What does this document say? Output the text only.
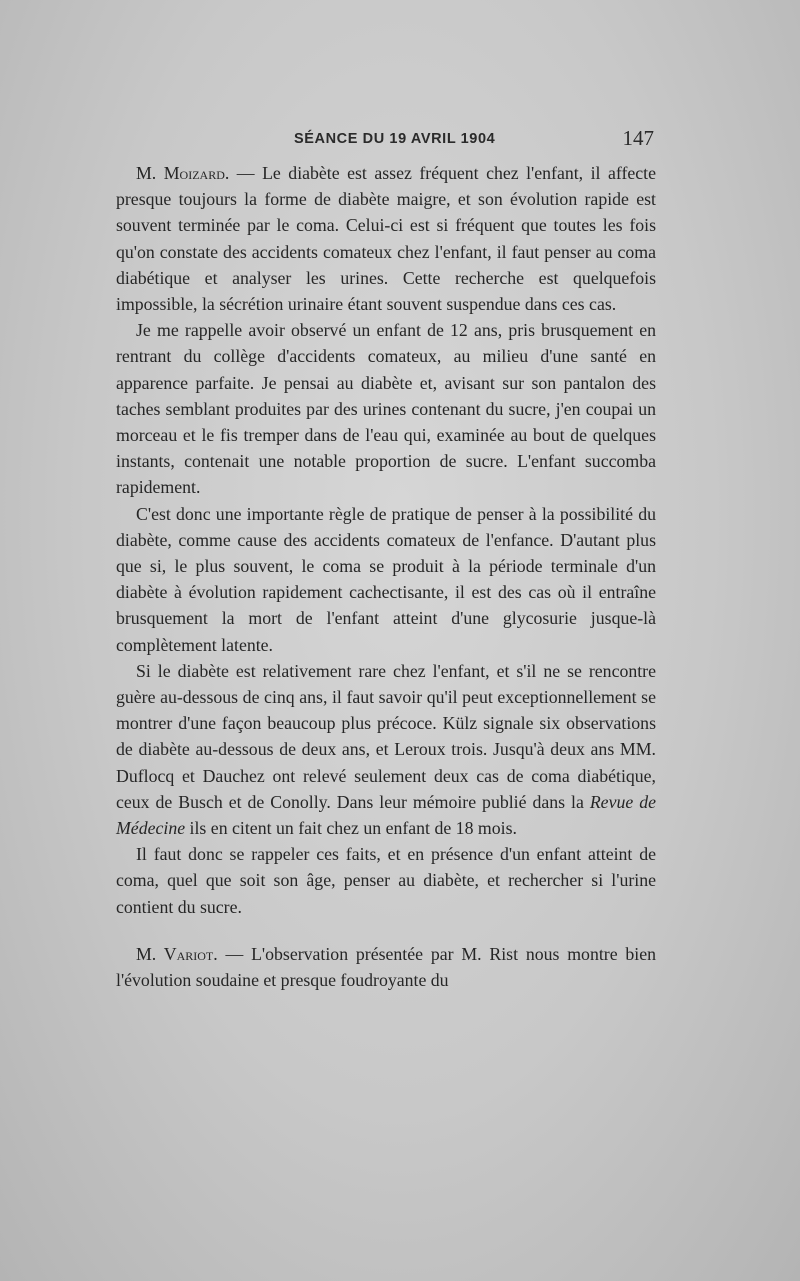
SÉANCE DU 19 AVRIL 1904	147

M. Moizard. — Le diabète est assez fréquent chez l'enfant, il affecte presque toujours la forme de diabète maigre, et son évolution rapide est souvent terminée par le coma. Celui-ci est si fréquent que toutes les fois qu'on constate des accidents comateux chez l'enfant, il faut penser au coma diabétique et analyser les urines. Cette recherche est quelquefois impossible, la sécrétion urinaire étant souvent suspendue dans ces cas.

Je me rappelle avoir observé un enfant de 12 ans, pris brusquement en rentrant du collège d'accidents comateux, au milieu d'une santé en apparence parfaite. Je pensai au diabète et, avisant sur son pantalon des taches semblant produites par des urines contenant du sucre, j'en coupai un morceau et le fis tremper dans de l'eau qui, examinée au bout de quelques instants, contenait une notable proportion de sucre. L'enfant succomba rapidement.

C'est donc une importante règle de pratique de penser à la possibilité du diabète, comme cause des accidents comateux de l'enfance. D'autant plus que si, le plus souvent, le coma se produit à la période terminale d'un diabète à évolution rapidement cachectisante, il est des cas où il entraîne brusquement la mort de l'enfant atteint d'une glycosurie jusque-là complètement latente.

Si le diabète est relativement rare chez l'enfant, et s'il ne se rencontre guère au-dessous de cinq ans, il faut savoir qu'il peut exceptionnellement se montrer d'une façon beaucoup plus précoce. Külz signale six observations de diabète au-dessous de deux ans, et Leroux trois. Jusqu'à deux ans MM. Duflocq et Dauchez ont relevé seulement deux cas de coma diabétique, ceux de Busch et de Conolly. Dans leur mémoire publié dans la Revue de Médecine ils en citent un fait chez un enfant de 18 mois.

Il faut donc se rappeler ces faits, et en présence d'un enfant atteint de coma, quel que soit son âge, penser au diabète, et rechercher si l'urine contient du sucre.

M. Variot. — L'observation présentée par M. Rist nous montre bien l'évolution soudaine et presque foudroyante du
